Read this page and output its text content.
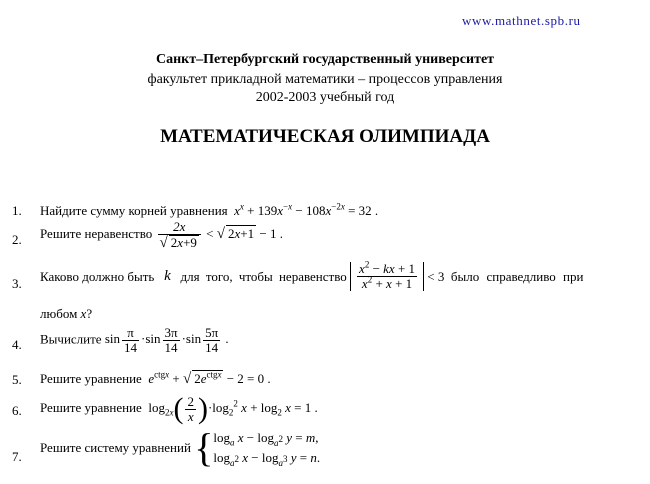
www.mathnet.spb.ru
Санкт–Петербургский государственный университет
факультет прикладной математики – процессов управления
2002-2003 учебный год
МАТЕМАТИЧЕСКАЯ ОЛИМПИАДА
1. Найдите сумму корней уравнения $x^x + 139x^{-x} - 108x^{-2x} = 32$ .
2. Решите неравенство $\frac{2x}{√ 2x+9}$ < √ 2x+1 − 1 .
3. Каково должно быть k для того, чтобы неравенство $\frac{x^2 - kx + 1}{x^2 + x + 1} < 3$  было справедливо при
любом x?
4. Вычислите $\sin \frac{\pi}{14} \cdot\sin \frac{3\pi}{14} \cdot\sin \frac{5\pi}{14}$ .
5. Решите уравнение $e^{ctgx}$ + √ $2e^{ctgx} - 2 = 0$ .
6. Решите уравнение  $\log_{2x}( \frac{2}{x} )\cdot\log_2^2$ $x + \log_2 x = 1$ .
7.
Решите систему уравнений {$\log_a$ $x - \log_{a^2} y = m$,
$\log_{a^2} x - \log_{a^3} y = n$.
